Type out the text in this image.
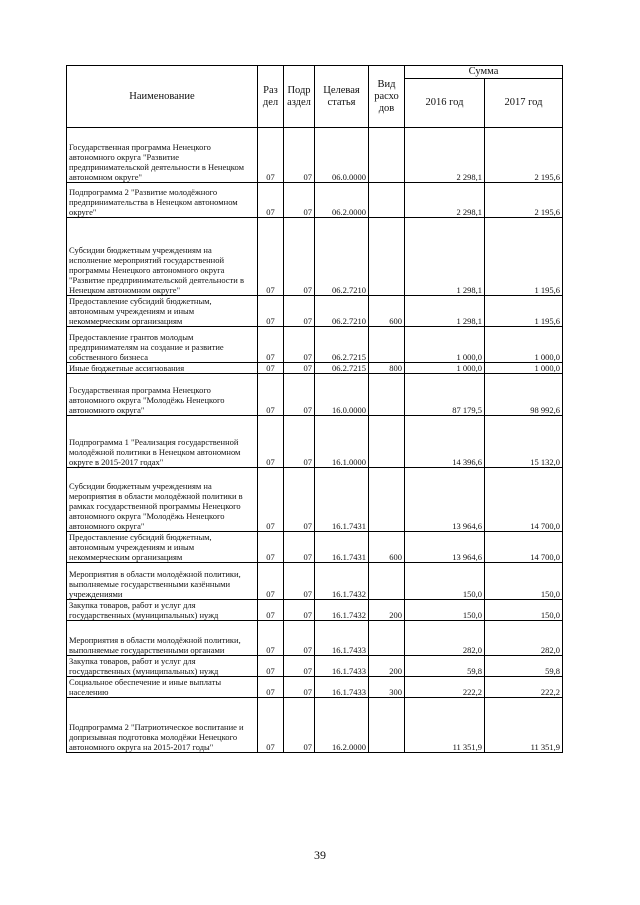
Наименование	Раз дел	Подр аздел	Целевая статья	Вид расхо дов	Сумма	
					2016 год	2017 год
Государственная программа Ненецкого автономного округа "Развитие предпринимательской деятельности в Ненецком автономном округе"	07	07	06.0.0000		2 298,1	2 195,6
Подпрограмма 2 "Развитие молодёжного предпринимательства в Ненецком автономном округе"	07	07	06.2.0000		2 298,1	2 195,6
Субсидии бюджетным учреждениям на исполнение мероприятий государственной программы Ненецкого автономного округа "Развитие предпринимательской деятельности в Ненецком автономном округе"	07	07	06.2.7210		1 298,1	1 195,6
Предоставление субсидий бюджетным, автономным учреждениям и иным некоммерческим организациям	07	07	06.2.7210	600	1 298,1	1 195,6
Предоставление грантов молодым предпринимателям на создание и развитие собственного бизнеса	07	07	06.2.7215		1 000,0	1 000,0
Иные бюджетные ассигнования	07	07	06.2.7215	800	1 000,0	1 000,0
Государственная программа Ненецкого автономного округа "Молодёжь Ненецкого автономного округа"	07	07	16.0.0000		87 179,5	98 992,6
Подпрограмма 1 "Реализация государственной молодёжной политики в Ненецком автономном округе в 2015-2017 годах"	07	07	16.1.0000		14 396,6	15 132,0
Субсидии бюджетным учреждениям на мероприятия в области молодёжной политики в рамках государственной программы Ненецкого автономного округа "Молодёжь Ненецкого автономного округа"	07	07	16.1.7431		13 964,6	14 700,0
Предоставление субсидий бюджетным, автономным учреждениям и иным некоммерческим организациям	07	07	16.1.7431	600	13 964,6	14 700,0
Мероприятия в области молодёжной политики, выполняемые государственными казёнными учреждениями	07	07	16.1.7432		150,0	150,0
Закупка товаров, работ и услуг для государственных (муниципальных) нужд	07	07	16.1.7432	200	150,0	150,0
Мероприятия в области молодёжной политики, выполняемые государственными органами	07	07	16.1.7433		282,0	282,0
Закупка товаров, работ и услуг для государственных (муниципальных) нужд	07	07	16.1.7433	200	59,8	59,8
Социальное обеспечение и иные выплаты населению	07	07	16.1.7433	300	222,2	222,2
Подпрограмма 2 "Патриотическое воспитание и допризывная подготовка молодёжи Ненецкого автономного округа на 2015-2017 годы"	07	07	16.2.0000		11 351,9	11 351,9
39
